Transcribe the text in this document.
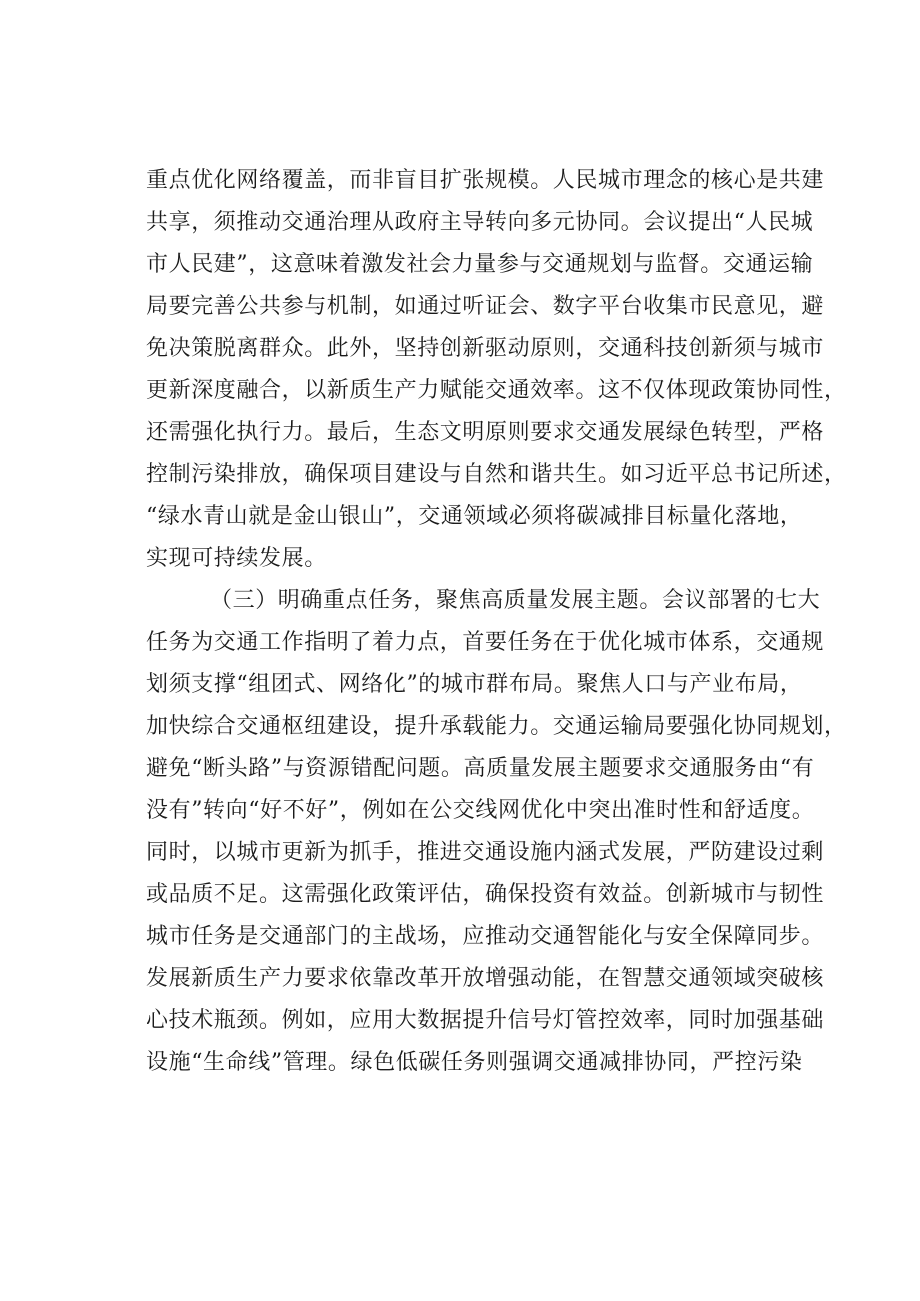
重点优化网络覆盖，而非盲目扩张规模。人民城市理念的核心是共建
共享，须推动交通治理从政府主导转向多元协同。会议提出“人民城
市人民建”，这意味着激发社会力量参与交通规划与监督。交通运输
局要完善公共参与机制，如通过听证会、数字平台收集市民意见，避
免决策脱离群众。此外，坚持创新驱动原则，交通科技创新须与城市
更新深度融合，以新质生产力赋能交通效率。这不仅体现政策协同性，
还需强化执行力。最后，生态文明原则要求交通发展绿色转型，严格
控制污染排放，确保项目建设与自然和谐共生。如习近平总书记所述，
“绿水青山就是金山银山”，交通领域必须将碳减排目标量化落地，
实现可持续发展。
（三）明确重点任务，聚焦高质量发展主题。会议部署的七大
任务为交通工作指明了着力点，首要任务在于优化城市体系，交通规
划须支撑“组团式、网络化”的城市群布局。聚焦人口与产业布局，
加快综合交通枢纽建设，提升承载能力。交通运输局要强化协同规划，
避免“断头路”与资源错配问题。高质量发展主题要求交通服务由“有
没有”转向“好不好”，例如在公交线网优化中突出准时性和舒适度。
同时，以城市更新为抓手，推进交通设施内涵式发展，严防建设过剩
或品质不足。这需强化政策评估，确保投资有效益。创新城市与韧性
城市任务是交通部门的主战场，应推动交通智能化与安全保障同步。
发展新质生产力要求依靠改革开放增强动能，在智慧交通领域突破核
心技术瓶颈。例如，应用大数据提升信号灯管控效率，同时加强基础
设施“生命线”管理。绿色低碳任务则强调交通减排协同，严控污染
